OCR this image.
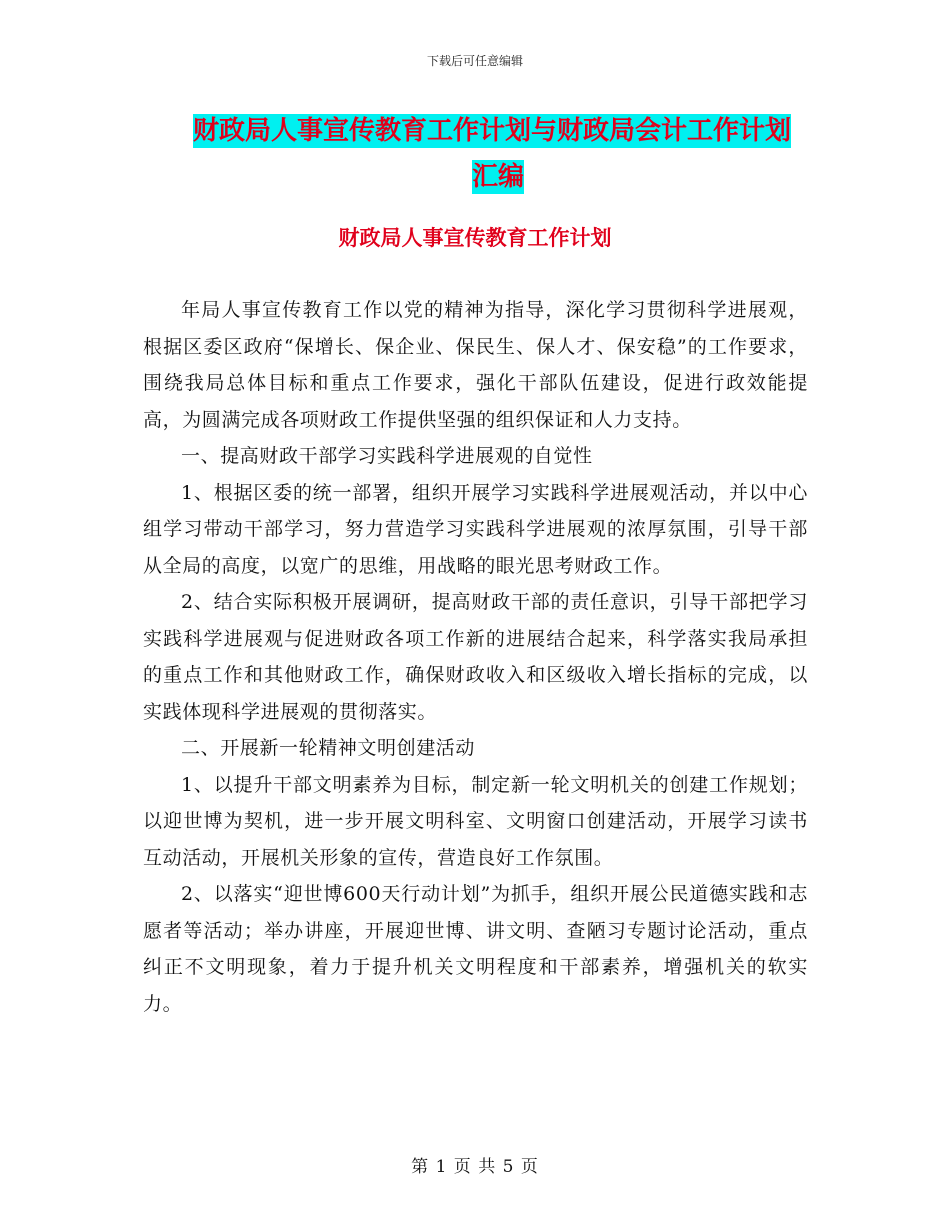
下载后可任意编辑
财政局人事宣传教育工作计划与财政局会计工作计划
汇编
财政局人事宣传教育工作计划

年局人事宣传教育工作以党的精神为指导，深化学习贯彻科学进展观，根据区委区政府“保增长、保企业、保民生、保人才、保安稳”的工作要求，围绕我局总体目标和重点工作要求，强化干部队伍建设，促进行政效能提高，为圆满完成各项财政工作提供坚强的组织保证和人力支持。

一、提高财政干部学习实践科学进展观的自觉性

1、根据区委的统一部署，组织开展学习实践科学进展观活动，并以中心组学习带动干部学习，努力营造学习实践科学进展观的浓厚氛围，引导干部从全局的高度，以宽广的思维，用战略的眼光思考财政工作。

2、结合实际积极开展调研，提高财政干部的责任意识，引导干部把学习实践科学进展观与促进财政各项工作新的进展结合起来，科学落实我局承担的重点工作和其他财政工作，确保财政收入和区级收入增长指标的完成，以实践体现科学进展观的贯彻落实。

二、开展新一轮精神文明创建活动

1、以提升干部文明素养为目标，制定新一轮文明机关的创建工作规划；以迎世博为契机，进一步开展文明科室、文明窗口创建活动，开展学习读书互动活动，开展机关形象的宣传，营造良好工作氛围。

2、以落实“迎世博600天行动计划”为抓手，组织开展公民道德实践和志愿者等活动；举办讲座，开展迎世博、讲文明、查陋习专题讨论活动，重点纠正不文明现象，着力于提升机关文明程度和干部素养，增强机关的软实力。

第 1 页 共 5 页
